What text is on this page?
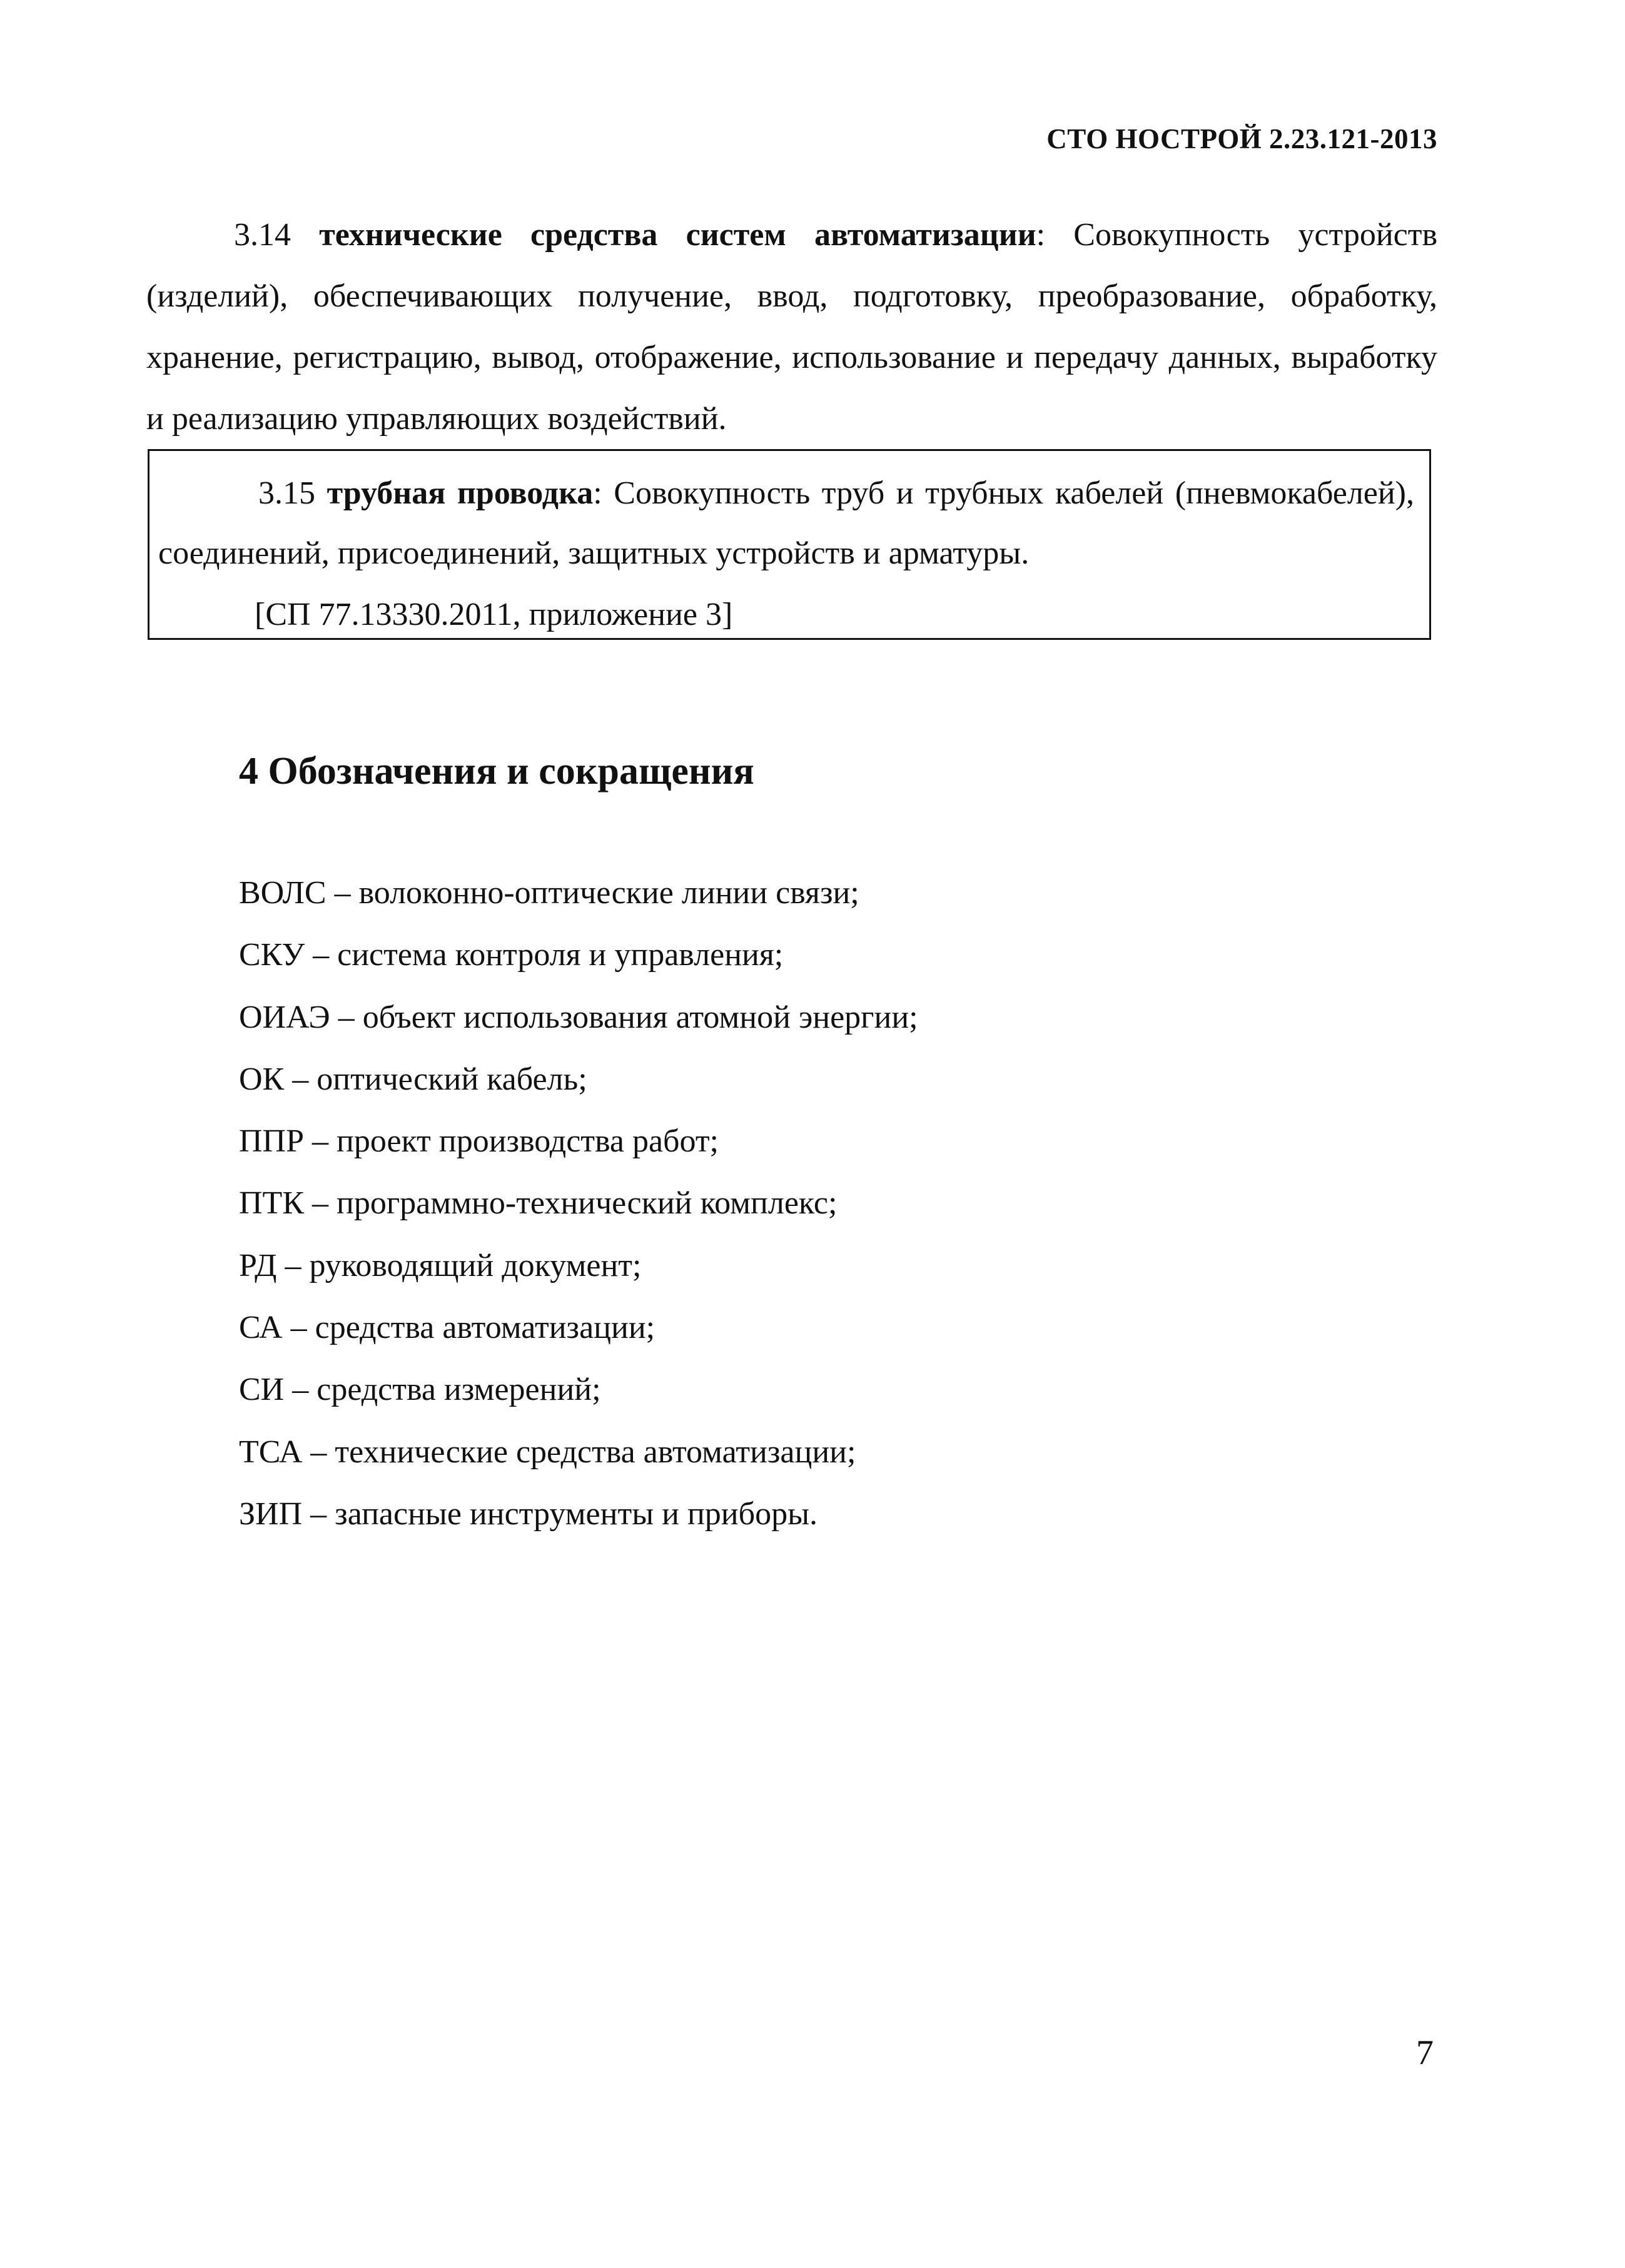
СТО НОСТРОЙ 2.23.121-2013
3.14 технические средства систем автоматизации: Совокупность устройств (изделий), обеспечивающих получение, ввод, подготовку, преобразование, обработку, хранение, регистрацию, вывод, отображение, использование и передачу данных, выработку и реализацию управляющих воздействий.
3.15 трубная проводка: Совокупность труб и трубных кабелей (пневмокабелей), соединений, присоединений, защитных устройств и арматуры.
[СП 77.13330.2011, приложение 3]
4 Обозначения и сокращения
ВОЛС – волоконно-оптические линии связи;
СКУ – система контроля и управления;
ОИАЭ – объект использования атомной энергии;
ОК – оптический кабель;
ППР – проект производства работ;
ПТК – программно-технический комплекс;
РД – руководящий документ;
СА – средства автоматизации;
СИ – средства измерений;
ТСА – технические средства автоматизации;
ЗИП – запасные инструменты и приборы.
7
